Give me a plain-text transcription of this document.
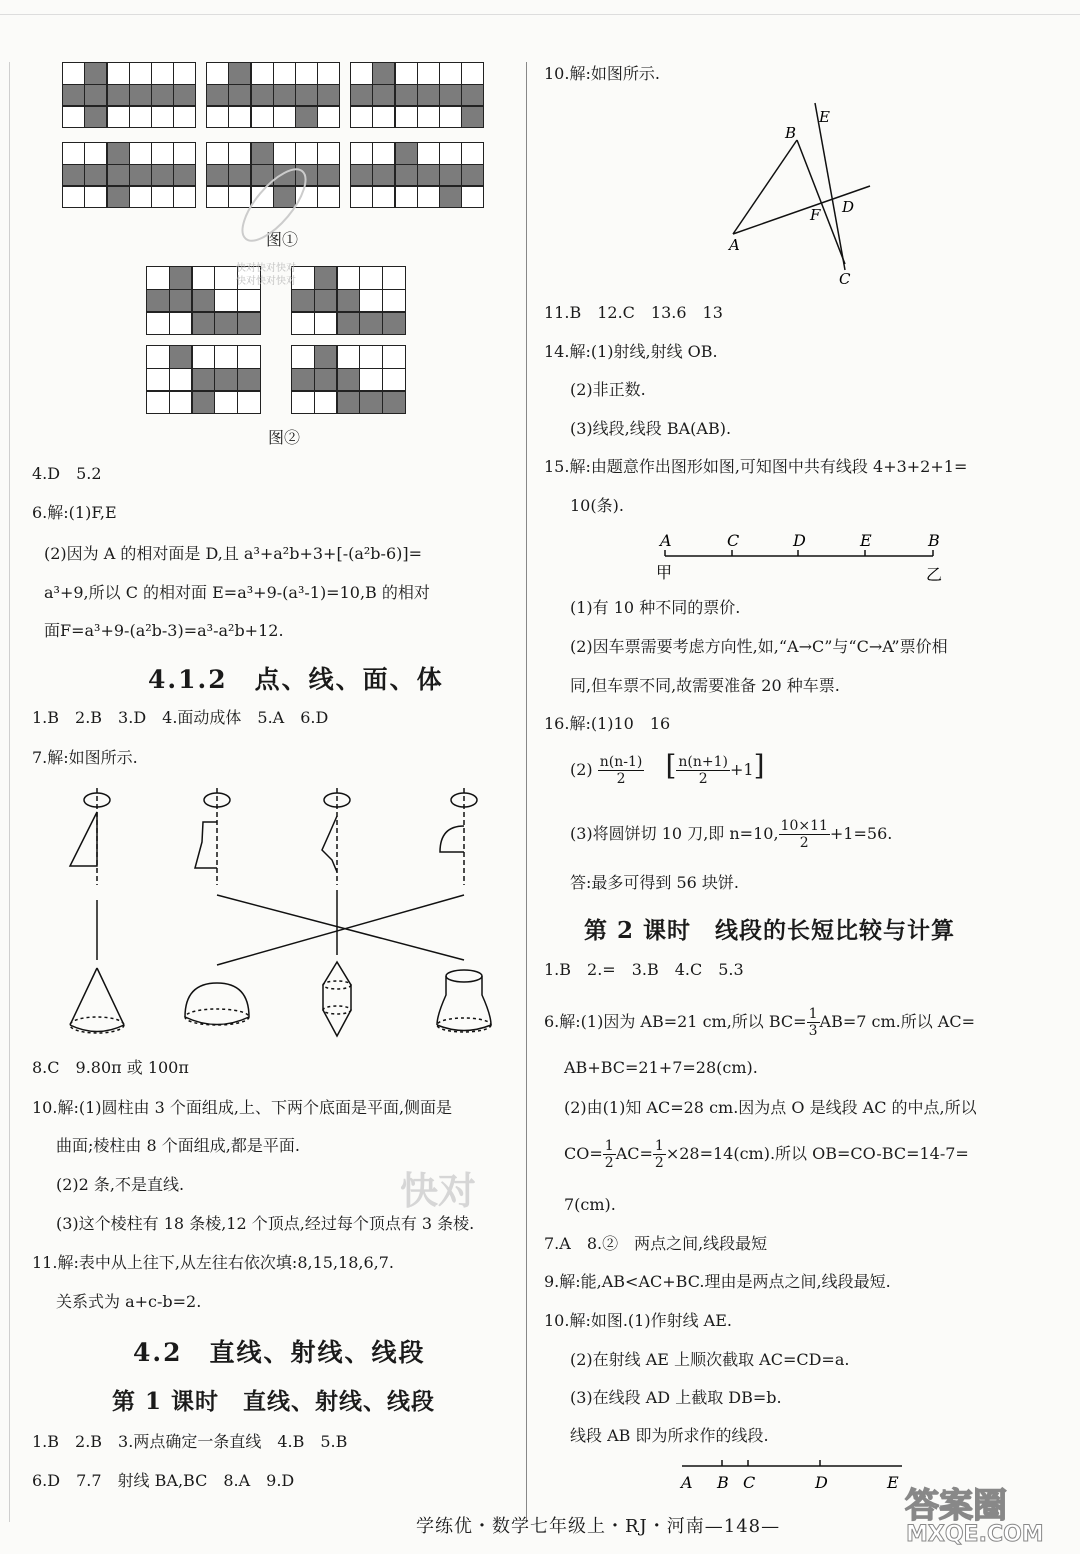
图①
图②
快对快对快对
快对快对快对
4.D　5.2
6.解:(1)F,E
(2)因为 A 的相对面是 D,且 a³+a²b+3+[-(a²b-6)]=
a³+9,所以 C 的相对面 E=a³+9-(a³-1)=10,B 的相对
面F=a³+9-(a²b-3)=a³-a²b+12.
4.1.2　点、线、面、体
1.B　2.B　3.D　4.面动成体　5.A　6.D
7.解:如图所示.
8.C　9.80π 或 100π
10.解:(1)圆柱由 3 个面组成,上、下两个底面是平面,侧面是
曲面;棱柱由 8 个面组成,都是平面.
(2)2 条,不是直线.
(3)这个棱柱有 18 条棱,12 个顶点,经过每个顶点有 3 条棱.
11.解:表中从上往下,从左往右依次填:8,15,18,6,7.
关系式为 a+c-b=2.
快对
4.2　直线、射线、线段
第 1 课时　直线、射线、线段
1.B　2.B　3.两点确定一条直线　4.B　5.B
6.D　7.7　射线 BA,BC　8.A　9.D
10.解:如图所示.
B
E
F D
A
C
11.B　12.C　13.6　13
14.解:(1)射线,射线 OB.
(2)非正数.
(3)线段,线段 BA(AB).
15.解:由题意作出图形如图,可知图中共有线段 4+3+2+1=
10(条).
A	C	D	E	B
甲	乙
(1)有 10 种不同的票价.
(2)因车票需要考虑方向性,如,“A→C”与“C→A”票价相
同,但车票不同,故需要准备 20 种车票.
16.解:(1)10　16
$(2) \frac{n(n-1)}{2}$ [ $\frac{n(n+1)}{2} +1$]
(3)将圆饼切 10 刀,即 n=10, $\frac{10\times 11}{2} +1=56$.
答:最多可得到 56 块饼.
第 2 课时　线段的长短比较与计算
1.B　2.=　3.B　4.C　5.3
6.解:(1)因为 AB=21 cm,所以 $BC= \frac{1}{3} AB=7$ cm.所以 AC=
AB+BC=21+7=28(cm).
(2)由(1)知 AC=28 cm.因为点 O 是线段 AC 的中点,所以
$CO= \frac{1}{2} AC= \frac{1}{2} \times 28=14(cm)$.所以 OB=CO-BC=14-7=
7(cm).
7.A　8.②　两点之间,线段最短
9.解:能,AB<AC+BC.理由是两点之间,线段最短.
10.解:如图.(1)作射线 AE.
(2)在射线 AE 上顺次截取 AC=CD=a.
(3)在线段 AD 上截取 DB=b.
线段 AB 即为所求作的线段.
A B C	D	E
学练优・数学七年级上・RJ・河南—148—
答案圈
MXQE.COM
